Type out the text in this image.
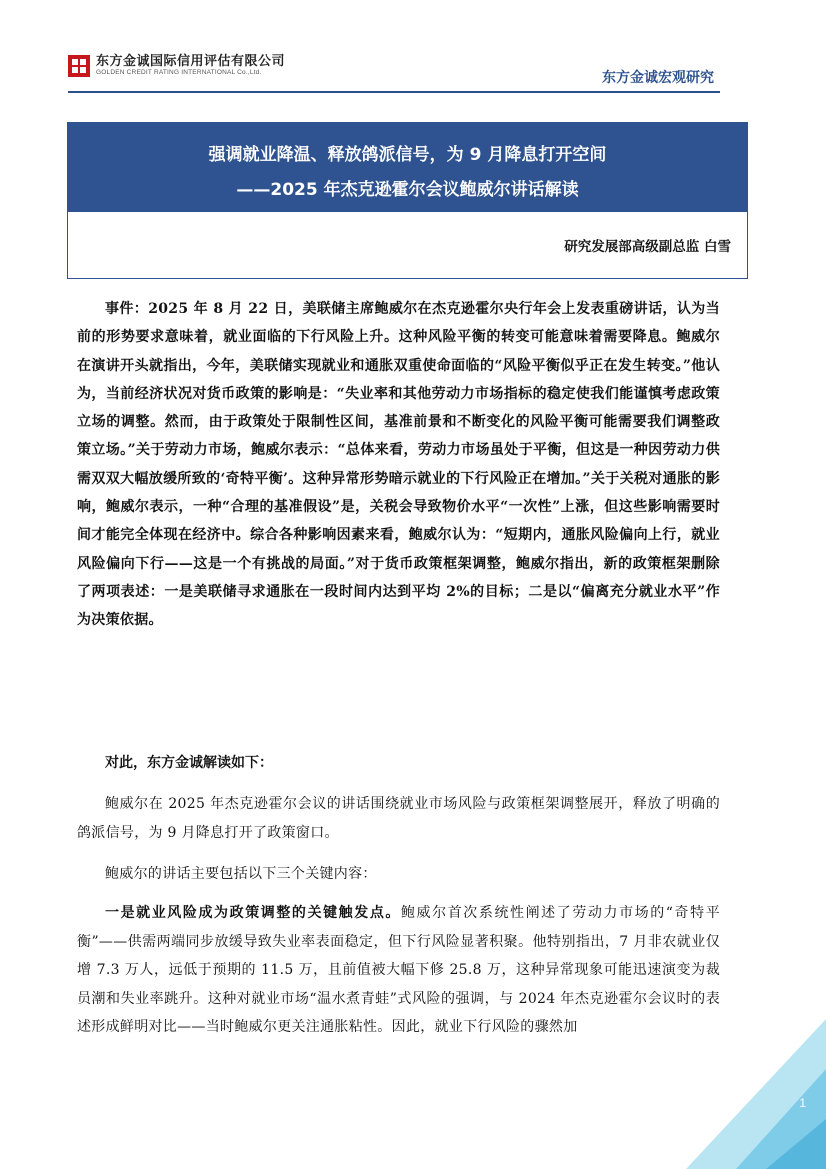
东方金诚国际信用评估有限公司
GOLDEN CREDIT RATING INTERNATIONAL Co.,Ltd.	东方金诚宏观研究
强调就业降温、释放鸽派信号，为 9 月降息打开空间
——2025 年杰克逊霍尔会议鲍威尔讲话解读
研究发展部高级副总监 白雪
事件：2025 年 8 月 22 日，美联储主席鲍威尔在杰克逊霍尔央行年会上发表重磅讲话，认为当前的形势要求意味着，就业面临的下行风险上升。这种风险平衡的转变可能意味着需要降息。鲍威尔在演讲开头就指出，今年，美联储实现就业和通胀双重使命面临的“风险平衡似乎正在发生转变。”他认为，当前经济状况对货币政策的影响是：“失业率和其他劳动力市场指标的稳定使我们能谨慎考虑政策立场的调整。然而，由于政策处于限制性区间，基准前景和不断变化的风险平衡可能需要我们调整政策立场。”关于劳动力市场，鲍威尔表示：“总体来看，劳动力市场虽处于平衡，但这是一种因劳动力供需双双大幅放缓所致的‘奇特平衡’。这种异常形势暗示就业的下行风险正在增加。”关于关税对通胀的影响，鲍威尔表示，一种“合理的基准假设”是，关税会导致物价水平“一次性”上涨，但这些影响需要时间才能完全体现在经济中。综合各种影响因素来看，鲍威尔认为：“短期内，通胀风险偏向上行，就业风险偏向下行——这是一个有挑战的局面。”对于货币政策框架调整，鲍威尔指出，新的政策框架删除了两项表述：一是美联储寻求通胀在一段时间内达到平均 2%的目标；二是以“偏离充分就业水平”作为决策依据。
对此，东方金诚解读如下：
鲍威尔在 2025 年杰克逊霍尔会议的讲话围绕就业市场风险与政策框架调整展开，释放了明确的鸽派信号，为 9 月降息打开了政策窗口。
鲍威尔的讲话主要包括以下三个关键内容：
一是就业风险成为政策调整的关键触发点。鲍威尔首次系统性阐述了劳动力市场的“奇特平衡”——供需两端同步放缓导致失业率表面稳定，但下行风险显著积聚。他特别指出，7 月非农就业仅增 7.3 万人，远低于预期的 11.5 万，且前值被大幅下修 25.8 万，这种异常现象可能迅速演变为裁员潮和失业率跳升。这种对就业市场“温水煮青蛙”式风险的强调，与 2024 年杰克逊霍尔会议时的表述形成鲜明对比——当时鲍威尔更关注通胀粘性。因此，就业下行风险的骤然加
1
